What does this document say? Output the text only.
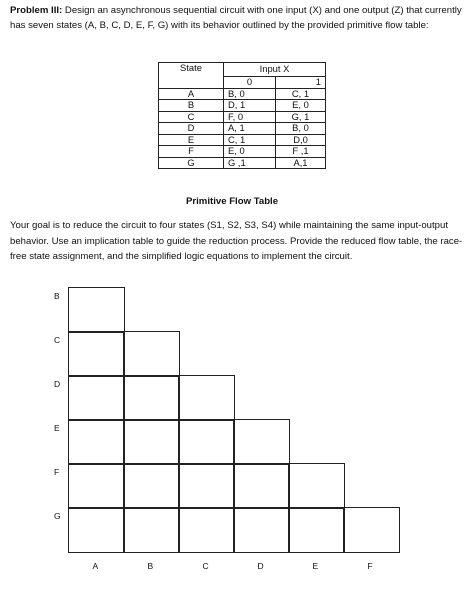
Problem III: Design an asynchronous sequential circuit with one input (X) and one output (Z) that currently has seven states (A, B, C, D, E, F, G) with its behavior outlined by the provided primitive flow table:
State	Input X	
	0	1
A	B, 0	C, 1
B	D, 1	E, 0
C	F, 0	G, 1
D	A, 1	B, 0
E	C, 1	D,0
F	E, 0	F ,1
G	G ,1	A,1
Primitive Flow Table
Your goal is to reduce the circuit to four states (S1, S2, S3, S4) while maintaining the same input-output behavior. Use an implication table to guide the reduction process. Provide the reduced flow table, the race-free state assignment, and the simplified logic equations to implement the circuit.
B
C
D
E
F
G
A	B	C	D	E	F
